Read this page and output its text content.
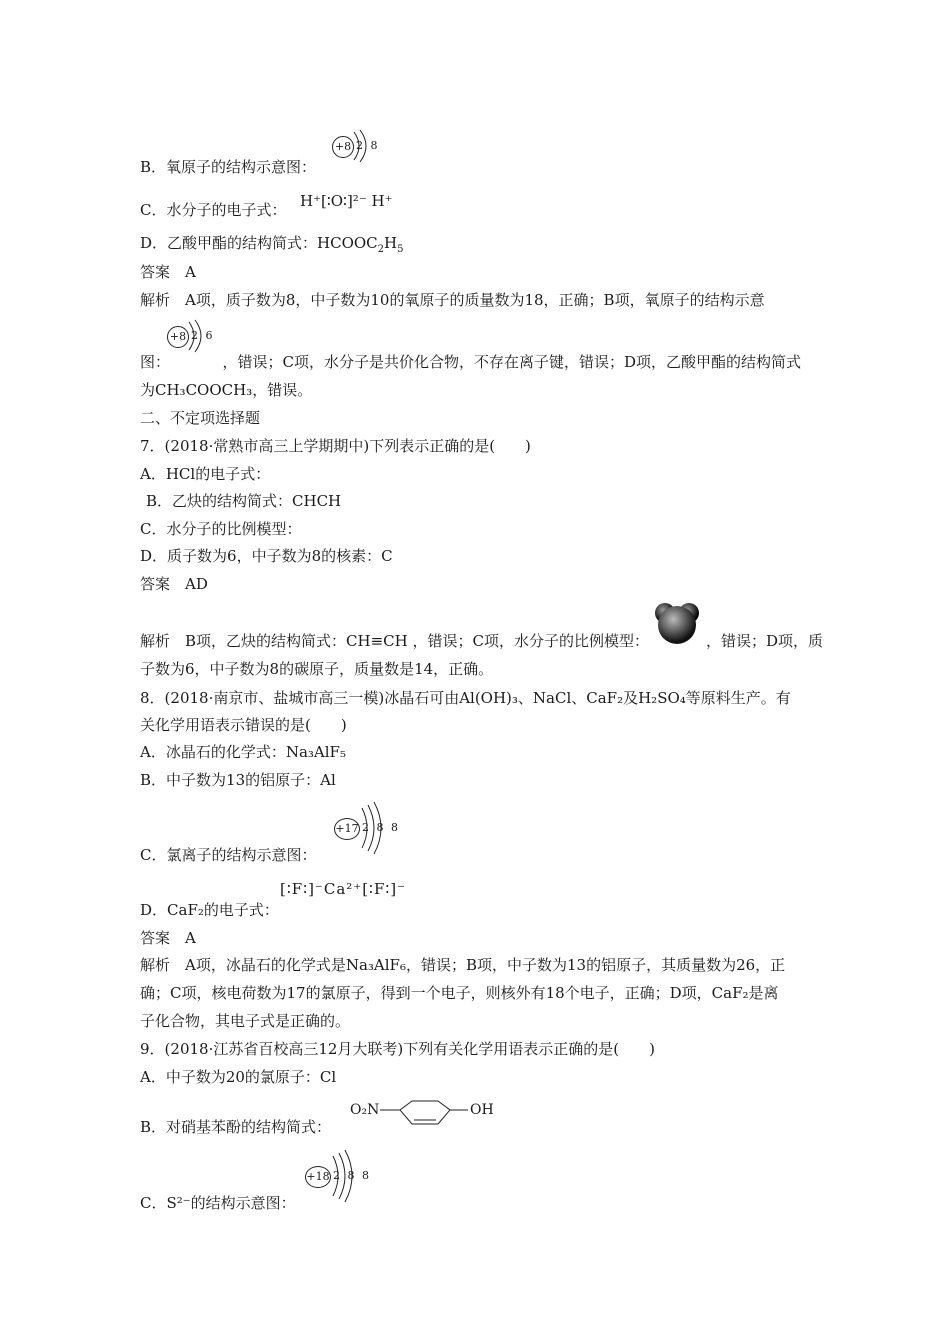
B．氧原子的结构示意图：
+8 2 8
C．水分子的电子式： H⁺[∶O∶]²⁻ H⁺
D．乙酸甲酯的结构简式：$HCOOC_2H_5$
答案　A
解析　A项，质子数为8，中子数为10的氧原子的质量数为18，正确；B项，氧原子的结构示意
+8 2 6
图：　　　　，错误；C项，水分子是共价化合物，不存在离子键，错误；D项，乙酸甲酯的结构简式
为CH₃COOCH₃，错误。
二、不定项选择题
7．(2018·常熟市高三上学期期中)下列表示正确的是(　　)
A．HCl的电子式：
B．乙炔的结构简式：CHCH
C．水分子的比例模型：
D．质子数为6，中子数为8的核素：C
答案　AD
解析　B项，乙炔的结构简式：CH≡CH ，错误；C项，水分子的比例模型：	，错误；D项，质
子数为6，中子数为8的碳原子，质量数是14，正确。
8．(2018·南京市、盐城市高三一模)冰晶石可由Al(OH)₃、NaCl、CaF₂及H₂SO₄等原料生产。有
关化学用语表示错误的是(　　)
A．冰晶石的化学式：Na₃AlF₅
B．中子数为13的铝原子：Al
C．氯离子的结构示意图：
+17 2 8 8
D．CaF₂的电子式：
[∶F∶]⁻Ca²⁺[∶F∶]⁻
答案　A
解析　A项，冰晶石的化学式是Na₃AlF₆，错误；B项，中子数为13的铝原子，其质量数为26，正
确；C项，核电荷数为17的氯原子，得到一个电子，则核外有18个电子，正确；D项，CaF₂是离
子化合物，其电子式是正确的。
9．(2018·江苏省百校高三12月大联考)下列有关化学用语表示正确的是(　　)
A．中子数为20的氯原子：Cl
B．对硝基苯酚的结构简式：
O₂N	OH
C．S²⁻的结构示意图：
+18 2 8 8
